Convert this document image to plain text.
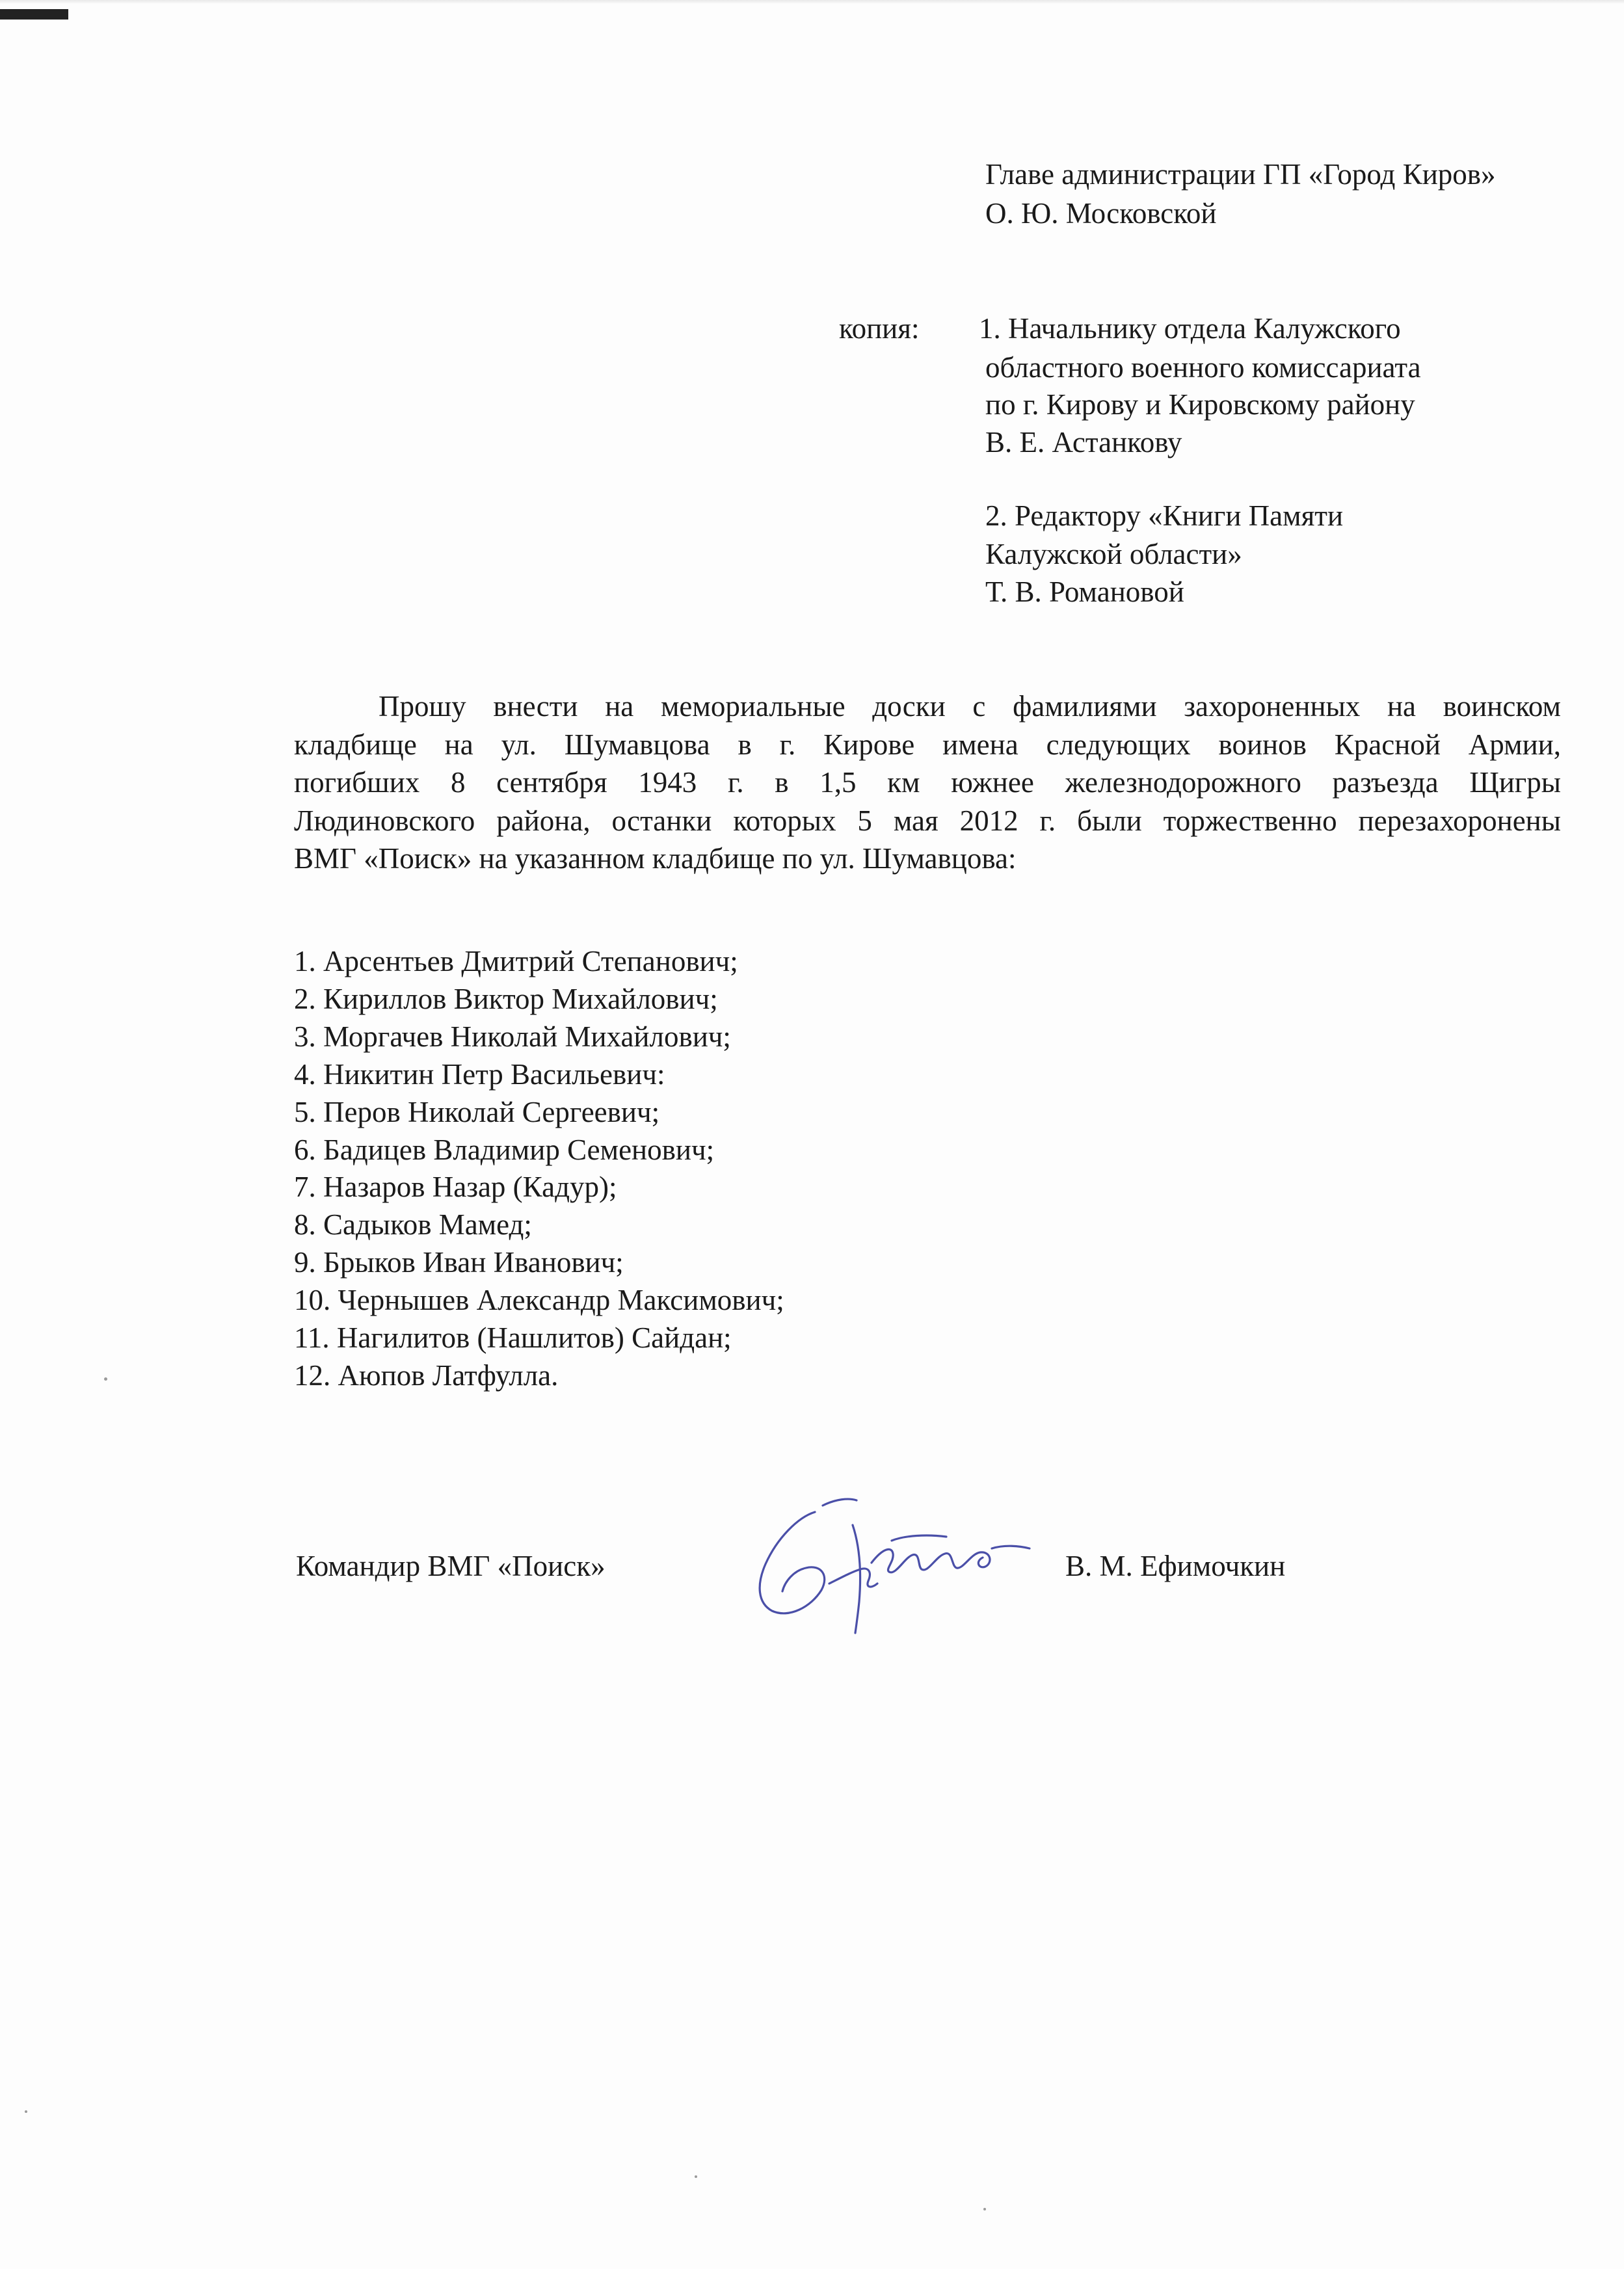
Главе администрации ГП «Город Киров»

О. Ю. Московской

копия: 1. Начальнику отдела Калужского

областного военного комиссариата

по г. Кирову и Кировскому району

В. Е. Астанкову

2. Редактору «Книги Памяти

Калужской области»

Т. В. Романовой

Прошу внести на мемориальные доски с фамилиями захороненных на воинском
кладбище на ул. Шумавцова в г. Кирове имена следующих воинов Красной Армии,
погибших 8 сентября 1943 г. в 1,5 км южнее железнодорожного разъезда Щигры
Людиновского района, останки которых 5 мая 2012 г. были торжественно перезахоронены
ВМГ «Поиск» на указанном кладбище по ул. Шумавцова:
1. Арсентьев Дмитрий Степанович;
2. Кириллов Виктор Михайлович;
3. Моргачев Николай Михайлович;
4. Никитин Петр Васильевич:
5. Перов Николай Сергеевич;
6. Бадицев Владимир Семенович;
7. Назаров Назар (Кадур);
8. Садыков Мамед;
9. Брыков Иван Иванович;
10. Чернышев Александр Максимович;
11. Нагилитов (Нашлитов) Сайдан;
12. Аюпов Латфулла.

Командир ВМГ «Поиск»	В. М. Ефимочкин
